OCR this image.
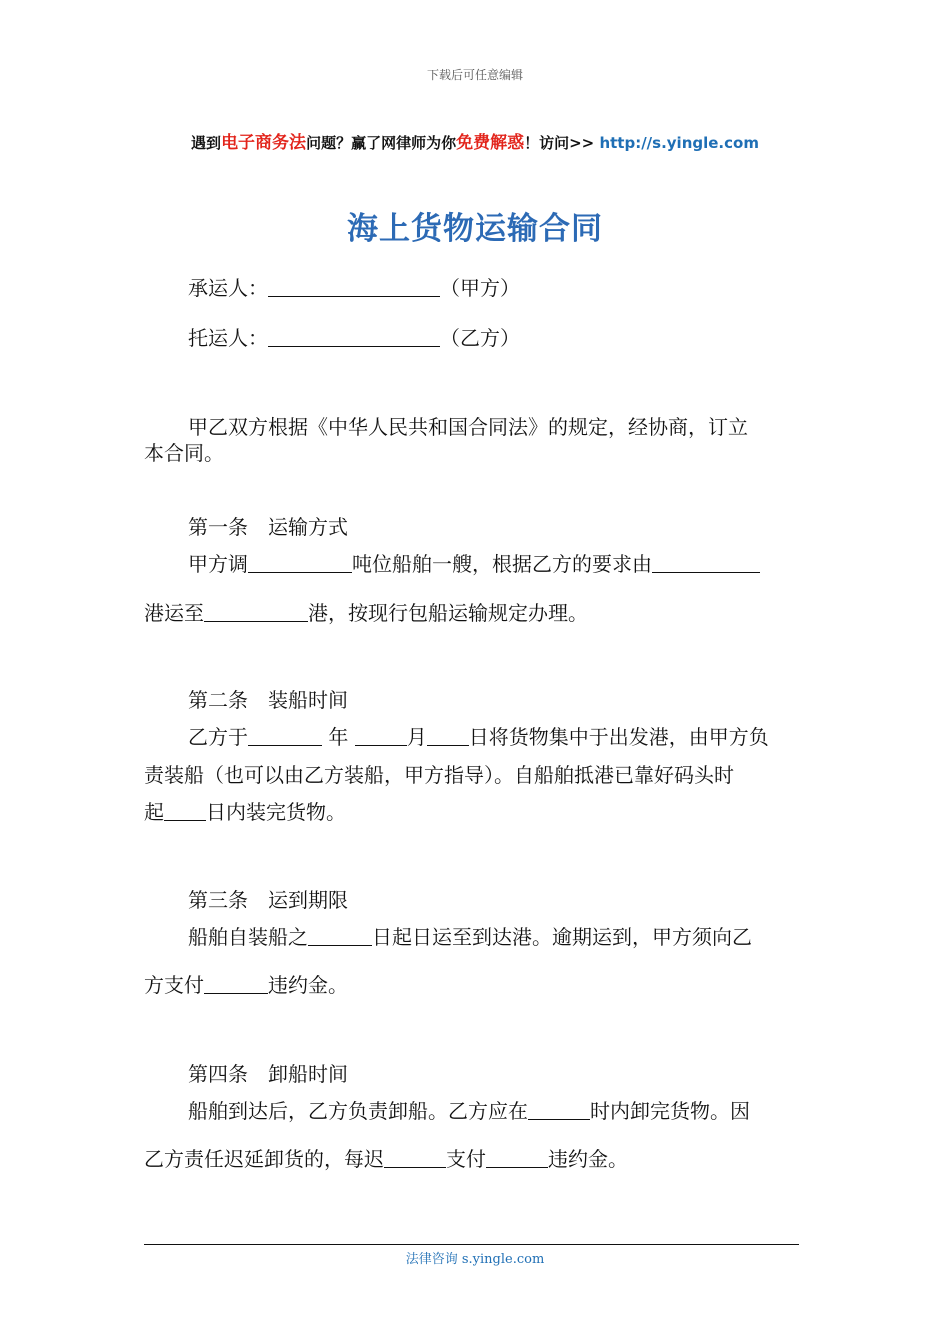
下载后可任意编辑
遇到电子商务法问题？赢了网律师为你免费解惑！访问>> http://s.yingle.com
海上货物运输合同
承运人：	（甲方）
托运人：	（乙方）
甲乙双方根据《中华人民共和国合同法》的规定，经协商，订立
本合同。
第一条　运输方式
甲方调	吨位船舶一艘，根据乙方的要求由
港运至	港，按现行包船运输规定办理。
第二条　装船时间
乙方于	年	月 日将货物集中于出发港，由甲方负
责装船（也可以由乙方装船，甲方指导）。自船舶抵港已靠好码头时
起 日内装完货物。
第三条　运到期限
船舶自装船之	日起日运至到达港。逾期运到，甲方须向乙
方支付	违约金。
第四条　卸船时间
船舶到达后，乙方负责卸船。乙方应在	时内卸完货物。因
乙方责任迟延卸货的，每迟	支付	违约金。
法律咨询 s.yingle.com
